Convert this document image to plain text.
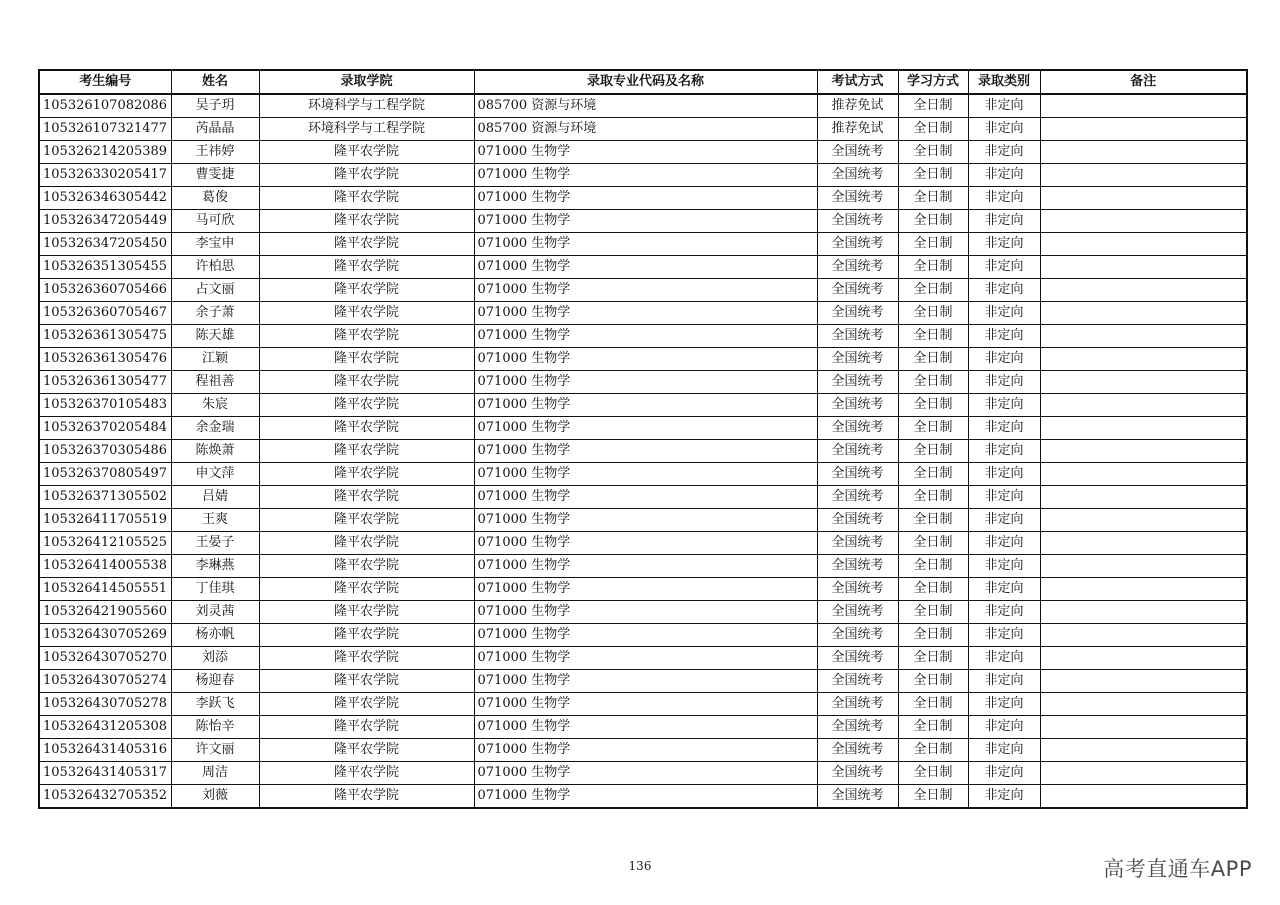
考生编号	姓名	录取学院	录取专业代码及名称	考试方式	学习方式	录取类别	备注
105326107082086	吴子玥	环境科学与工程学院	085700 资源与环境	推荐免试	全日制	非定向	
105326107321477	芮晶晶	环境科学与工程学院	085700 资源与环境	推荐免试	全日制	非定向	
105326214205389	王祎婷	隆平农学院	071000 生物学	全国统考	全日制	非定向	
105326330205417	曹雯捷	隆平农学院	071000 生物学	全国统考	全日制	非定向	
105326346305442	葛俊	隆平农学院	071000 生物学	全国统考	全日制	非定向	
105326347205449	马可欣	隆平农学院	071000 生物学	全国统考	全日制	非定向	
105326347205450	李宝申	隆平农学院	071000 生物学	全国统考	全日制	非定向	
105326351305455	许柏思	隆平农学院	071000 生物学	全国统考	全日制	非定向	
105326360705466	占文丽	隆平农学院	071000 生物学	全国统考	全日制	非定向	
105326360705467	余子萧	隆平农学院	071000 生物学	全国统考	全日制	非定向	
105326361305475	陈天雄	隆平农学院	071000 生物学	全国统考	全日制	非定向	
105326361305476	江颖	隆平农学院	071000 生物学	全国统考	全日制	非定向	
105326361305477	程祖善	隆平农学院	071000 生物学	全国统考	全日制	非定向	
105326370105483	朱宸	隆平农学院	071000 生物学	全国统考	全日制	非定向	
105326370205484	余金瑞	隆平农学院	071000 生物学	全国统考	全日制	非定向	
105326370305486	陈焕萧	隆平农学院	071000 生物学	全国统考	全日制	非定向	
105326370805497	申文萍	隆平农学院	071000 生物学	全国统考	全日制	非定向	
105326371305502	吕婧	隆平农学院	071000 生物学	全国统考	全日制	非定向	
105326411705519	王爽	隆平农学院	071000 生物学	全国统考	全日制	非定向	
105326412105525	王晏子	隆平农学院	071000 生物学	全国统考	全日制	非定向	
105326414005538	李琳燕	隆平农学院	071000 生物学	全国统考	全日制	非定向	
105326414505551	丁佳琪	隆平农学院	071000 生物学	全国统考	全日制	非定向	
105326421905560	刘灵茜	隆平农学院	071000 生物学	全国统考	全日制	非定向	
105326430705269	杨亦帆	隆平农学院	071000 生物学	全国统考	全日制	非定向	
105326430705270	刘添	隆平农学院	071000 生物学	全国统考	全日制	非定向	
105326430705274	杨迎春	隆平农学院	071000 生物学	全国统考	全日制	非定向	
105326430705278	李跃飞	隆平农学院	071000 生物学	全国统考	全日制	非定向	
105326431205308	陈怡辛	隆平农学院	071000 生物学	全国统考	全日制	非定向	
105326431405316	许文丽	隆平农学院	071000 生物学	全国统考	全日制	非定向	
105326431405317	周洁	隆平农学院	071000 生物学	全国统考	全日制	非定向	
105326432705352	刘薇	隆平农学院	071000 生物学	全国统考	全日制	非定向	
136	高考直通车APP
